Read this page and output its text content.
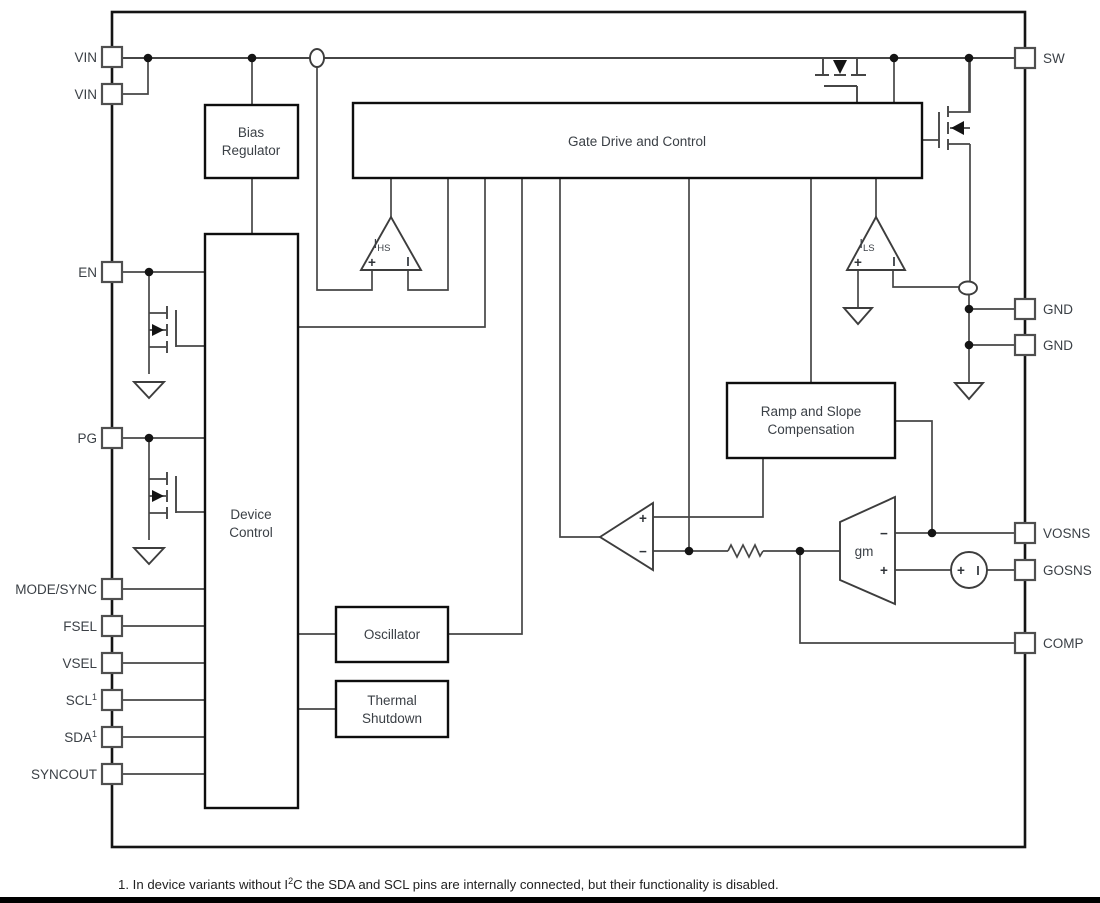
Bias
Regulator
Gate Drive and Control
Device
Control
Oscillator
Thermal
Shutdown
Ramp and Slope
Compensation
$I_{HS}$
+ I
$I_{LS}$
+ I
+
−	gm
−
+	+ I
VIN
VIN
EN
PG
MODE/SYNC
FSEL
VSEL
SCL$^1$
SDA$^1$
SYNCOUT
SW
GND
GND
VOSNS
GOSNS
COMP
1. In device variants without $I^2C$ the SDA and SCL pins are internally connected, but their functionality is disabled.
